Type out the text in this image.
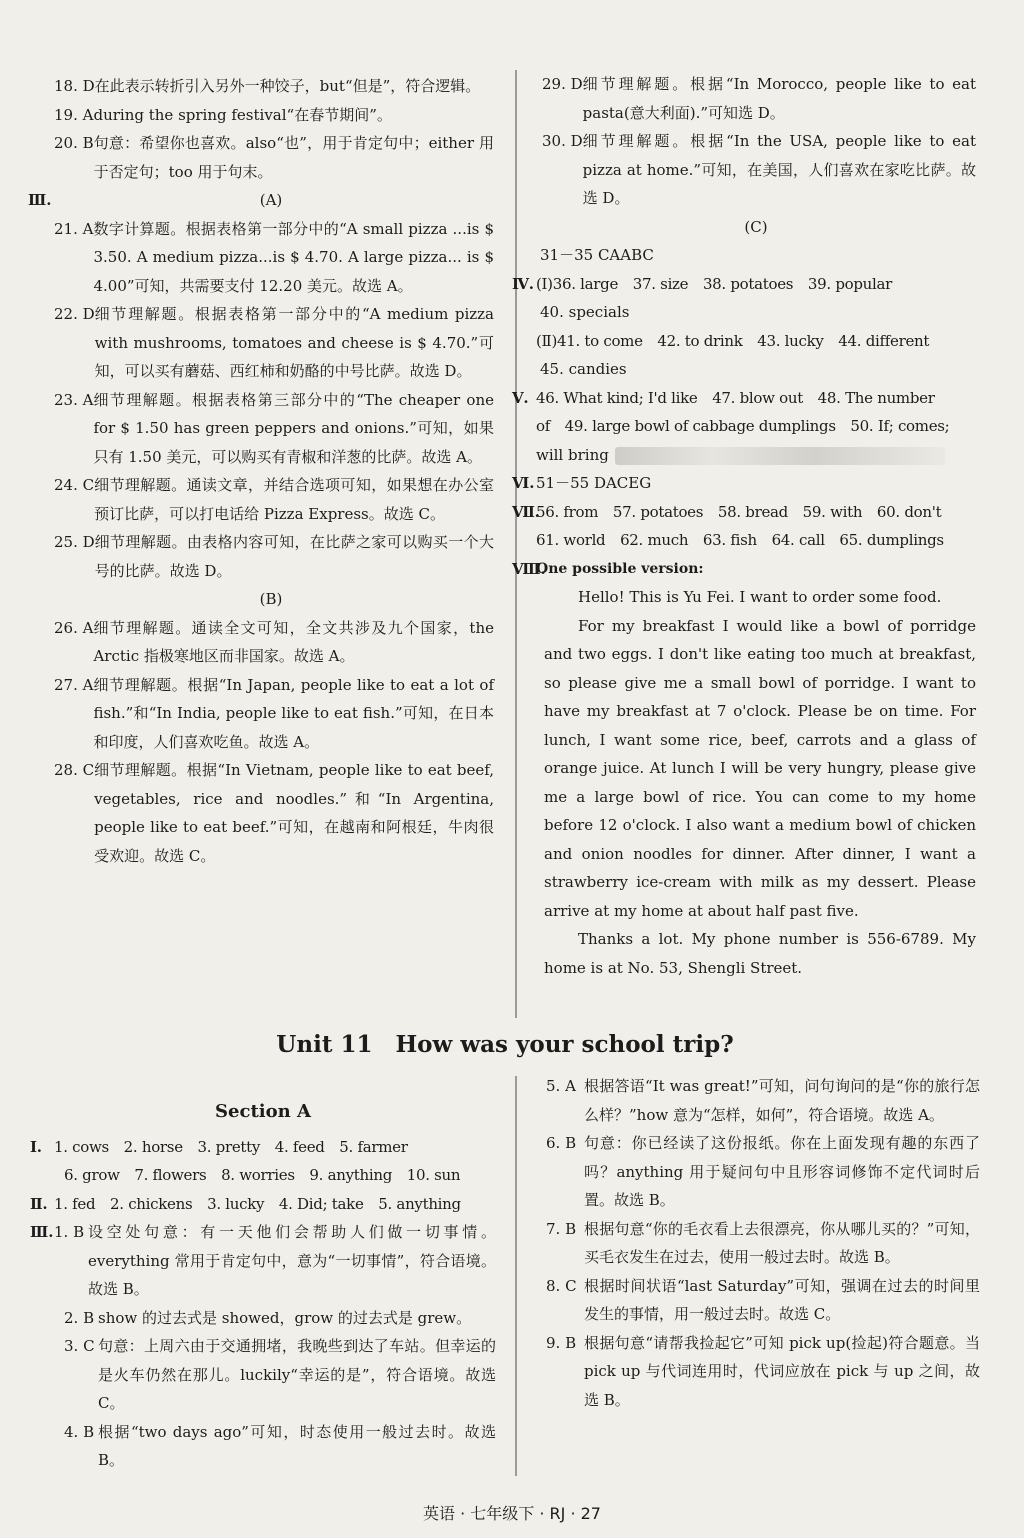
18. D 在此表示转折引入另外一种饺子，but“但是”，符合逻辑。
19. A during the spring festival“在春节期间”。
20. B 句意：希望你也喜欢。also“也”，用于肯定句中；either 用于否定句；too 用于句末。
Ⅲ.	(A)

21. A 数字计算题。根据表格第一部分中的“A small pizza ...is $ 3.50. A medium pizza...is $ 4.70. A large pizza... is $ 4.00”可知，共需要支付 12.20 美元。故选 A。
22. D 细节理解题。根据表格第一部分中的“A medium pizza with mushrooms, tomatoes and cheese is $ 4.70.”可知，可以买有蘑菇、西红柿和奶酪的中号比萨。故选 D。
23. A 细节理解题。根据表格第三部分中的“The cheaper one for $ 1.50 has green peppers and onions.”可知，如果只有 1.50 美元，可以购买有青椒和洋葱的比萨。故选 A。
24. C 细节理解题。通读文章，并结合选项可知，如果想在办公室预订比萨，可以打电话给 Pizza Express。故选 C。
25. D 细节理解题。由表格内容可知，在比萨之家可以购买一个大号的比萨。故选 D。

(B)

26. A 细节理解题。通读全文可知，全文共涉及九个国家，the Arctic 指极寒地区而非国家。故选 A。
27. A 细节理解题。根据“In Japan, people like to eat a lot of fish.”和“In India, people like to eat fish.”可知，在日本和印度，人们喜欢吃鱼。故选 A。
28. C 细节理解题。根据“In Vietnam, people like to eat beef, vegetables, rice and noodles.”和“In Argentina, people like to eat beef.”可知，在越南和阿根廷，牛肉很受欢迎。故选 C。
29. D 细节理解题。根据“In Morocco, people like to eat pasta(意大利面).”可知选 D。
30. D 细节理解题。根据“In the USA, people like to eat pizza at home.”可知，在美国，人们喜欢在家吃比萨。故选 D。

(C)

31－35 CAABC

Ⅳ. (Ⅰ)36. large　37. size　38. potatoes　39. popular

40. specials

(Ⅱ)41. to come　42. to drink　43. lucky　44. different

45. candies

Ⅴ. 46. What kind; I'd like　47. blow out　48. The number

of　49. large bowl of cabbage dumplings　50. If; comes;

will bring

Ⅵ. 51－55 DACEG
Ⅶ.
56. from　57. potatoes　58. bread　59. with　60. don't

61. world　62. much　63. fish　64. call　65. dumplings

Ⅷ.
One possible version:

Hello! This is Yu Fei. I want to order some food.

For my breakfast I would like a bowl of porridge and two eggs. I don't like eating too much at breakfast, so please give me a small bowl of porridge. I want to have my breakfast at 7 o'clock. Please be on time. For lunch, I want some rice, beef, carrots and a glass of orange juice. At lunch I will be very hungry, please give me a large bowl of rice. You can come to my home before 12 o'clock. I also want a medium bowl of chicken and onion noodles for dinner. After dinner, I want a strawberry ice-cream with milk as my dessert. Please arrive at my home at about half past five.

Thanks a lot. My phone number is 556-6789. My home is at No. 53, Shengli Street.

Unit 11　How was your school trip?

Section A

Ⅰ. 1. cows　2. horse　3. pretty　4. feed　5. farmer

6. grow　7. flowers　8. worries　9. anything　10. sun

Ⅱ. 1. fed　2. chickens　3. lucky　4. Did; take　5. anything
Ⅲ. 1. B 设空处句意：有一天他们会帮助人们做一切事情。everything 常用于肯定句中，意为“一切事情”，符合语境。故选 B。
2. B show 的过去式是 showed，grow 的过去式是 grew。
3. C 句意：上周六由于交通拥堵，我晚些到达了车站。但幸运的是火车仍然在那儿。luckily“幸运的是”，符合语境。故选 C。
4. B 根据“two days ago”可知，时态使用一般过去时。故选 B。
5. A 根据答语“It was great!”可知，问句询问的是“你的旅行怎么样？”how 意为“怎样，如何”，符合语境。故选 A。
6. B 句意：你已经读了这份报纸。你在上面发现有趣的东西了吗？anything 用于疑问句中且形容词修饰不定代词时后置。故选 B。
7. B 根据句意“你的毛衣看上去很漂亮，你从哪儿买的？”可知，买毛衣发生在过去，使用一般过去时。故选 B。
8. C 根据时间状语“last Saturday”可知，强调在过去的时间里发生的事情，用一般过去时。故选 C。
9. B 根据句意“请帮我捡起它”可知 pick up(捡起)符合题意。当 pick up 与代词连用时，代词应放在 pick 与 up 之间，故选 B。
英语 · 七年级下 · RJ · 27
